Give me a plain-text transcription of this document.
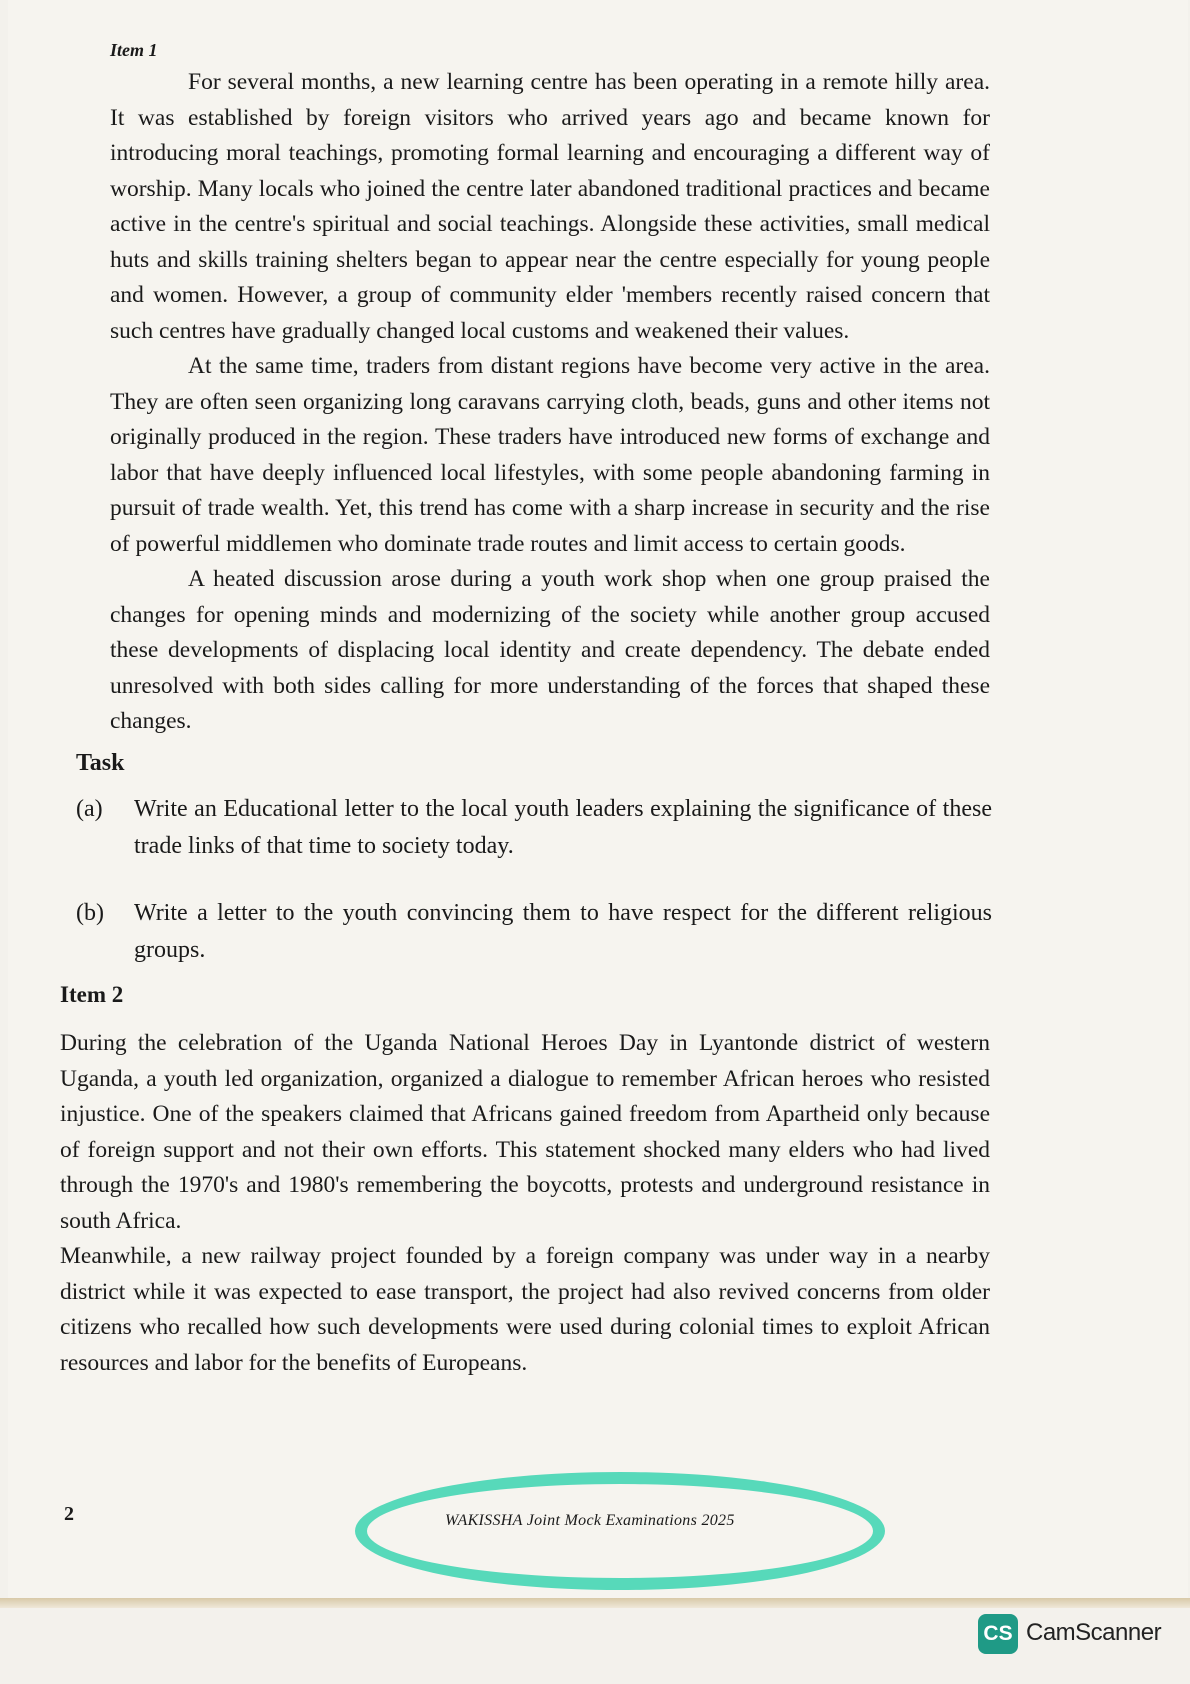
Item 1

For several months, a new learning centre has been operating in a remote hilly area. It was established by foreign visitors who arrived years ago and became known for introducing moral teachings, promoting formal learning and encouraging a different way of worship. Many locals who joined the centre later abandoned traditional practices and became active in the centre's spiritual and social teachings. Alongside these activities, small medical huts and skills training shelters began to appear near the centre especially for young people and women. However, a group of community elder 'members recently raised concern that such centres have gradually changed local customs and weakened their values.

At the same time, traders from distant regions have become very active in the area. They are often seen organizing long caravans carrying cloth, beads, guns and other items not originally produced in the region. These traders have introduced new forms of exchange and labor that have deeply influenced local lifestyles, with some people abandoning farming in pursuit of trade wealth. Yet, this trend has come with a sharp increase in security and the rise of powerful middlemen who dominate trade routes and limit access to certain goods.

A heated discussion arose during a youth work shop when one group praised the changes for opening minds and modernizing of the society while another group accused these developments of displacing local identity and create dependency. The debate ended unresolved with both sides calling for more understanding of the forces that shaped these changes.

Task

(a)	Write an Educational letter to the local youth leaders explaining the significance of these trade links of that time to society today.
(b)	Write a letter to the youth convincing them to have respect for the different religious groups.

Item 2

During the celebration of the Uganda National Heroes Day in Lyantonde district of western Uganda, a youth led organization, organized a dialogue to remember African heroes who resisted injustice. One of the speakers claimed that Africans gained freedom from Apartheid only because of foreign support and not their own efforts. This statement shocked many elders who had lived through the 1970's and 1980's remembering the boycotts, protests and underground resistance in south Africa.

Meanwhile, a new railway project founded by a foreign company was under way in a nearby district while it was expected to ease transport, the project had also revived concerns from older citizens who recalled how such developments were used during colonial times to exploit African resources and labor for the benefits of Europeans.

2	WAKISSHA Joint Mock Examinations 2025
CS CamScanner
